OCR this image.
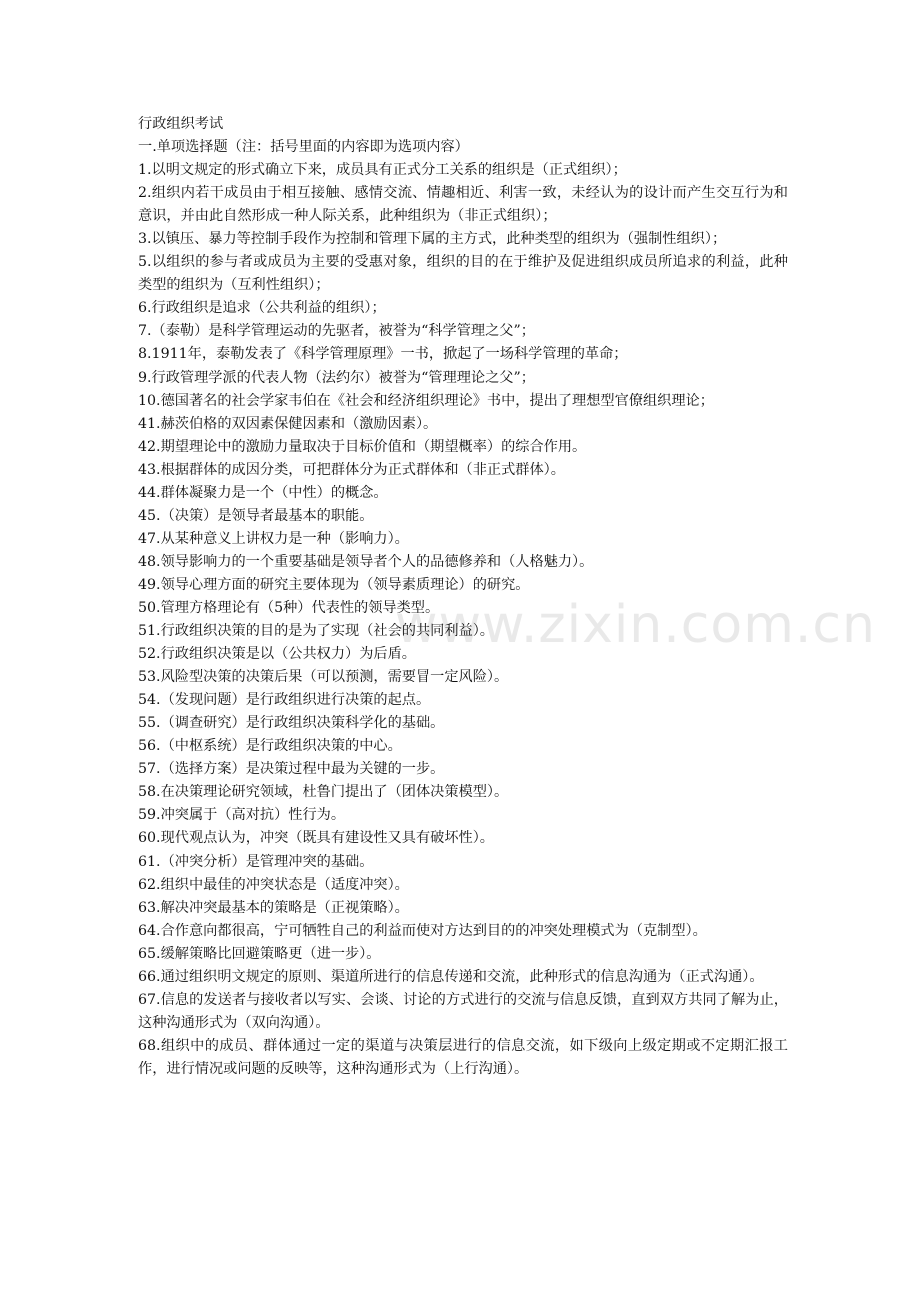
www.zixin.com.cn

行政组织考试

一.单项选择题（注：括号里面的内容即为选项内容）

1.以明文规定的形式确立下来，成员具有正式分工关系的组织是（正式组织）；

2.组织内若干成员由于相互接触、感情交流、情趣相近、利害一致，未经认为的设计而产生交互行为和意识，并由此自然形成一种人际关系，此种组织为（非正式组织）；

3.以镇压、暴力等控制手段作为控制和管理下属的主方式，此种类型的组织为（强制性组织）；

5.以组织的参与者或成员为主要的受惠对象，组织的目的在于维护及促进组织成员所追求的利益，此种类型的组织为（互利性组织）；

6.行政组织是追求（公共利益的组织）；

7.（泰勒）是科学管理运动的先驱者，被誉为“科学管理之父”；

8.1911年，泰勒发表了《科学管理原理》一书，掀起了一场科学管理的革命；

9.行政管理学派的代表人物（法约尔）被誉为“管理理论之父”；

10.德国著名的社会学家韦伯在《社会和经济组织理论》书中，提出了理想型官僚组织理论；

41.赫茨伯格的双因素保健因素和（激励因素）。

42.期望理论中的激励力量取决于目标价值和（期望概率）的综合作用。

43.根据群体的成因分类，可把群体分为正式群体和（非正式群体）。

44.群体凝聚力是一个（中性）的概念。

45.（决策）是领导者最基本的职能。

47.从某种意义上讲权力是一种（影响力）。

48.领导影响力的一个重要基础是领导者个人的品德修养和（人格魅力）。

49.领导心理方面的研究主要体现为（领导素质理论）的研究。

50.管理方格理论有（5种）代表性的领导类型。

51.行政组织决策的目的是为了实现（社会的共同利益）。

52.行政组织决策是以（公共权力）为后盾。

53.风险型决策的决策后果（可以预测，需要冒一定风险）。

54.（发现问题）是行政组织进行决策的起点。

55.（调查研究）是行政组织决策科学化的基础。

56.（中枢系统）是行政组织决策的中心。

57.（选择方案）是决策过程中最为关键的一步。

58.在决策理论研究领域，杜鲁门提出了（团体决策模型）。

59.冲突属于（高对抗）性行为。

60.现代观点认为，冲突（既具有建设性又具有破坏性）。

61.（冲突分析）是管理冲突的基础。

62.组织中最佳的冲突状态是（适度冲突）。

63.解决冲突最基本的策略是（正视策略）。

64.合作意向都很高，宁可牺牲自己的利益而使对方达到目的的冲突处理模式为（克制型）。

65.缓解策略比回避策略更（进一步）。

66.通过组织明文规定的原则、渠道所进行的信息传递和交流，此种形式的信息沟通为（正式沟通）。

67.信息的发送者与接收者以写实、会谈、讨论的方式进行的交流与信息反馈，直到双方共同了解为止，这种沟通形式为（双向沟通）。

68.组织中的成员、群体通过一定的渠道与决策层进行的信息交流，如下级向上级定期或不定期汇报工作，进行情况或问题的反映等，这种沟通形式为（上行沟通）。
